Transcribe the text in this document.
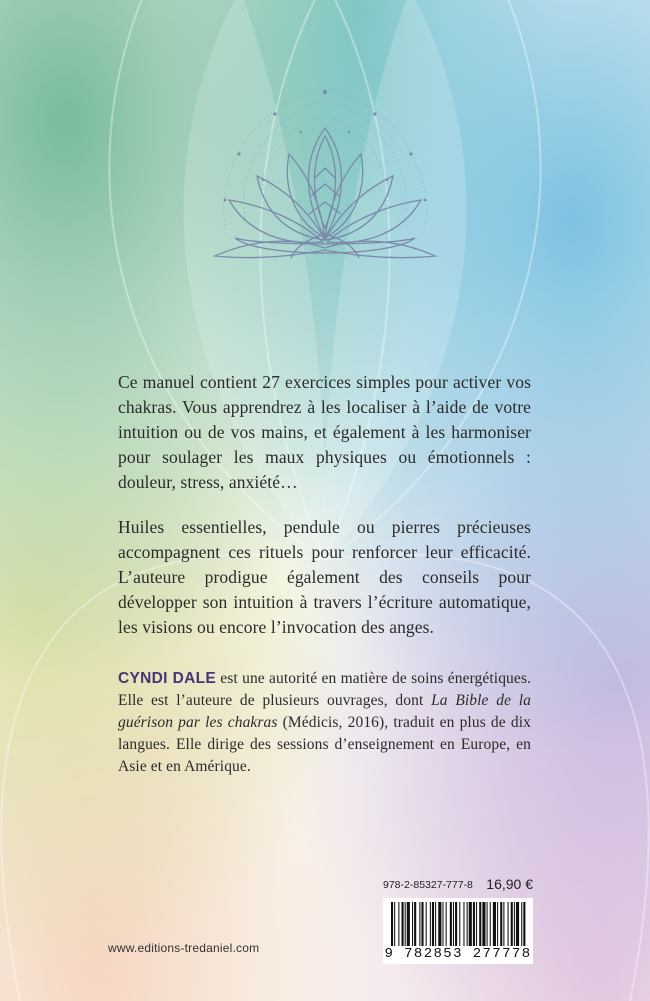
Ce manuel contient 27 exercices simples pour activer vos chakras. Vous apprendrez à les localiser à l’aide de votre intuition ou de vos mains, et également à les harmoniser pour soulager les maux physiques ou émotionnels : douleur, stress, anxiété…

Huiles essentielles, pendule ou pierres précieuses accompagnent ces rituels pour renforcer leur efficacité. L’auteure prodigue également des conseils pour développer son intuition à travers l’écriture automatique, les visions ou encore l’invocation des anges.

CYNDI DALE est une autorité en matière de soins énergétiques. Elle est l’auteure de plusieurs ouvrages, dont La Bible de la guérison par les chakras (Médicis, 2016), traduit en plus de dix langues. Elle dirige des sessions d’enseignement en Europe, en Asie et en Amérique.

978-2-85327-777-8 16,90 €
9 782853 277778
www.editions-tredaniel.com
